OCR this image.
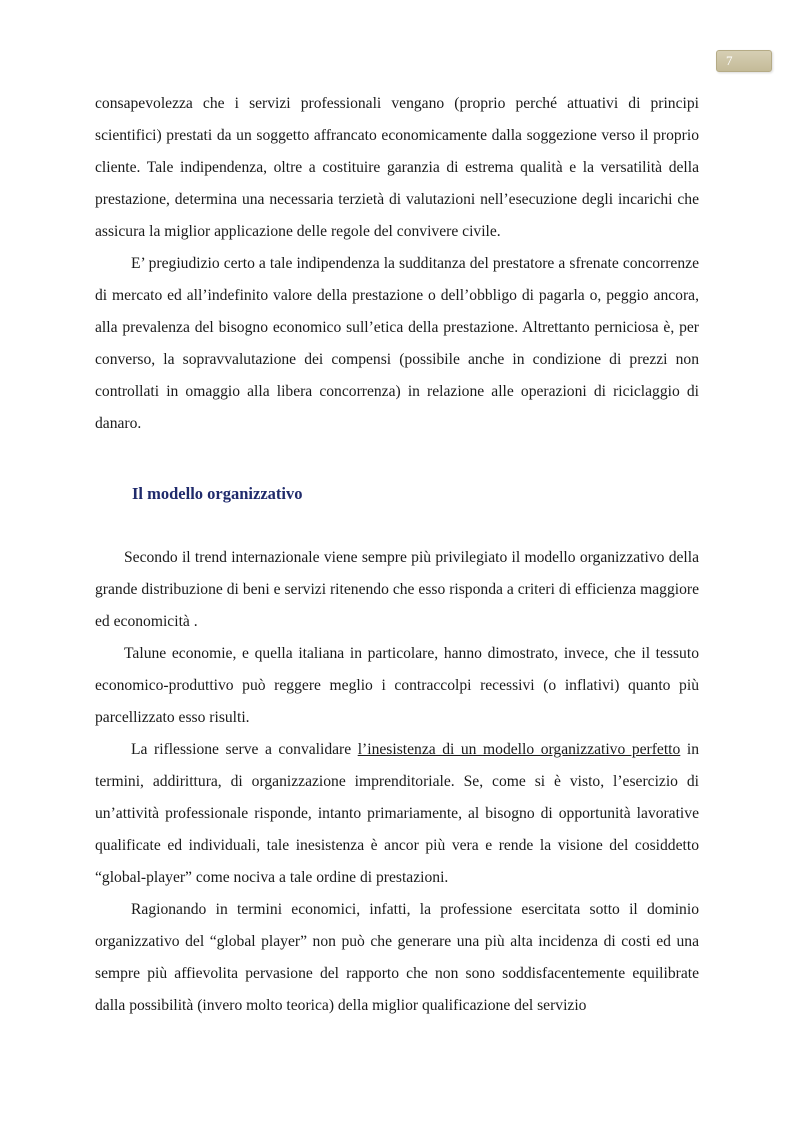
7

consapevolezza che i servizi professionali vengano (proprio perché attuativi di principi scientifici) prestati da un soggetto affrancato economicamente dalla soggezione verso il proprio cliente. Tale indipendenza, oltre a costituire garanzia di estrema qualità e la versatilità della prestazione, determina una necessaria terzietà di valutazioni nell’esecuzione degli incarichi che assicura la miglior applicazione delle regole del convivere civile.

E’ pregiudizio certo a tale indipendenza la sudditanza del prestatore a sfrenate concorrenze di mercato ed all’indefinito valore della prestazione o dell’obbligo di pagarla o, peggio ancora, alla prevalenza del bisogno economico sull’etica della prestazione. Altrettanto perniciosa è, per converso, la sopravvalutazione dei compensi (possibile anche in condizione di prezzi non controllati in omaggio alla libera concorrenza) in relazione alle operazioni di riciclaggio di danaro.

Il modello organizzativo

Secondo il trend internazionale viene sempre più privilegiato il modello organizzativo della grande distribuzione di beni e servizi ritenendo che esso risponda a criteri di efficienza maggiore ed economicità .

Talune economie, e quella italiana in particolare, hanno dimostrato, invece, che il tessuto economico-produttivo può reggere meglio i contraccolpi recessivi (o inflativi) quanto più parcellizzato esso risulti.

La riflessione serve a convalidare l’inesistenza di un modello organizzativo perfetto in termini, addirittura, di organizzazione imprenditoriale. Se, come si è visto, l’esercizio di un’attività professionale risponde, intanto primariamente, al bisogno di opportunità lavorative qualificate ed individuali, tale inesistenza è ancor più vera e rende la visione del cosiddetto “global-player” come nociva a tale ordine di prestazioni.

Ragionando in termini economici, infatti, la professione esercitata sotto il dominio organizzativo del “global player” non può che generare una più alta incidenza di costi ed una sempre più affievolita pervasione del rapporto che non sono soddisfacentemente equilibrate dalla possibilità (invero molto teorica) della miglior qualificazione del servizio
